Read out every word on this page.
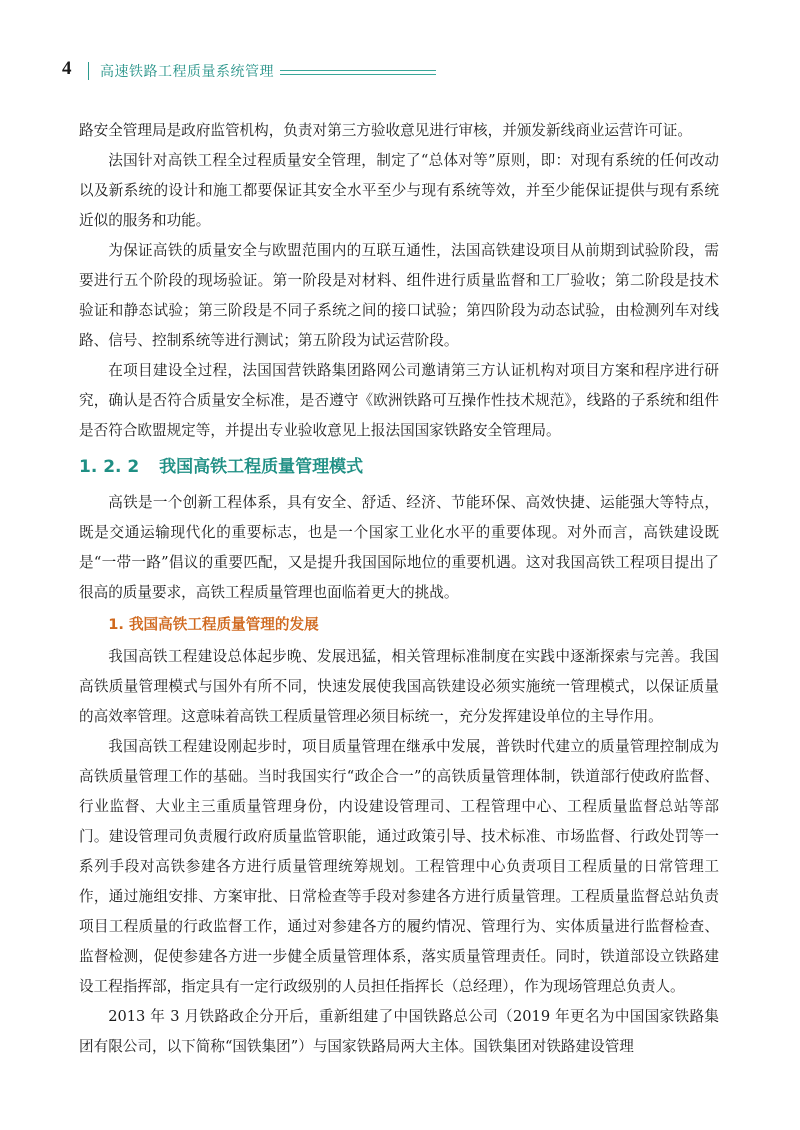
4 高速铁路工程质量系统管理

路安全管理局是政府监管机构，负责对第三方验收意见进行审核，并颁发新线商业运营许可证。

法国针对高铁工程全过程质量安全管理，制定了“总体对等”原则，即：对现有系统的任何改动以及新系统的设计和施工都要保证其安全水平至少与现有系统等效，并至少能保证提供与现有系统近似的服务和功能。

为保证高铁的质量安全与欧盟范围内的互联互通性，法国高铁建设项目从前期到试验阶段，需要进行五个阶段的现场验证。第一阶段是对材料、组件进行质量监督和工厂验收；第二阶段是技术验证和静态试验；第三阶段是不同子系统之间的接口试验；第四阶段为动态试验，由检测列车对线路、信号、控制系统等进行测试；第五阶段为试运营阶段。

在项目建设全过程，法国国营铁路集团路网公司邀请第三方认证机构对项目方案和程序进行研究，确认是否符合质量安全标准，是否遵守《欧洲铁路可互操作性技术规范》，线路的子系统和组件是否符合欧盟规定等，并提出专业验收意见上报法国国家铁路安全管理局。

1. 2. 2 我国高铁工程质量管理模式

高铁是一个创新工程体系，具有安全、舒适、经济、节能环保、高效快捷、运能强大等特点，既是交通运输现代化的重要标志，也是一个国家工业化水平的重要体现。对外而言，高铁建设既是“一带一路”倡议的重要匹配，又是提升我国国际地位的重要机遇。这对我国高铁工程项目提出了很高的质量要求，高铁工程质量管理也面临着更大的挑战。

1. 我国高铁工程质量管理的发展

我国高铁工程建设总体起步晚、发展迅猛，相关管理标准制度在实践中逐渐探索与完善。我国高铁质量管理模式与国外有所不同，快速发展使我国高铁建设必须实施统一管理模式，以保证质量的高效率管理。这意味着高铁工程质量管理必须目标统一，充分发挥建设单位的主导作用。

我国高铁工程建设刚起步时，项目质量管理在继承中发展，普铁时代建立的质量管理控制成为高铁质量管理工作的基础。当时我国实行“政企合一”的高铁质量管理体制，铁道部行使政府监督、行业监督、大业主三重质量管理身份，内设建设管理司、工程管理中心、工程质量监督总站等部门。建设管理司负责履行政府质量监管职能，通过政策引导、技术标准、市场监督、行政处罚等一系列手段对高铁参建各方进行质量管理统筹规划。工程管理中心负责项目工程质量的日常管理工作，通过施组安排、方案审批、日常检查等手段对参建各方进行质量管理。工程质量监督总站负责项目工程质量的行政监督工作，通过对参建各方的履约情况、管理行为、实体质量进行监督检查、监督检测，促使参建各方进一步健全质量管理体系，落实质量管理责任。同时，铁道部设立铁路建设工程指挥部，指定具有一定行政级别的人员担任指挥长（总经理），作为现场管理总负责人。

2013 年 3 月铁路政企分开后，重新组建了中国铁路总公司（2019 年更名为中国国家铁路集团有限公司，以下简称“国铁集团”）与国家铁路局两大主体。国铁集团对铁路建设管理
